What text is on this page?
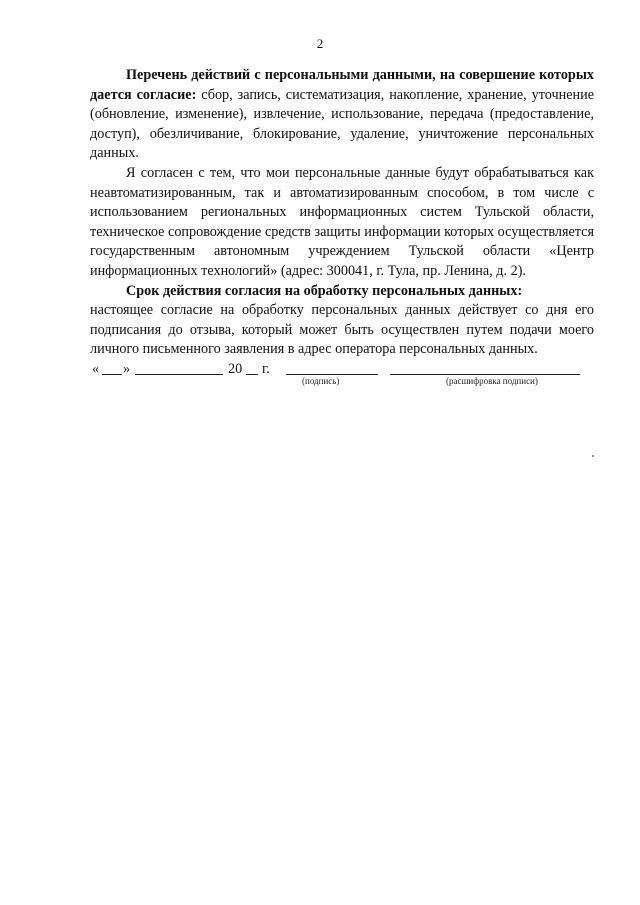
2

Перечень действий с персональными данными, на совершение которых дается согласие: сбор, запись, систематизация, накопление, хранение, уточнение (обновление, изменение), извлечение, использование, передача (предоставление, доступ), обезличивание, блокирование, удаление, уничтожение персональных данных.

Я согласен с тем, что мои персональные данные будут обрабатываться как неавтоматизированным, так и автоматизированным способом, в том числе с использованием региональных информационных систем Тульской области, техническое сопровождение средств защиты информации которых осуществляется государственным автономным учреждением Тульской области «Центр информационных технологий» (адрес: 300041, г. Тула, пр. Ленина, д. 2).

Срок действия согласия на обработку персональных данных:

настоящее согласие на обработку персональных данных действует со дня его подписания до отзыва, который может быть осуществлен путем подачи моего личного письменного заявления в адрес оператора персональных данных.

« »	20 г.
(подпись)	(расшифровка подписи)
